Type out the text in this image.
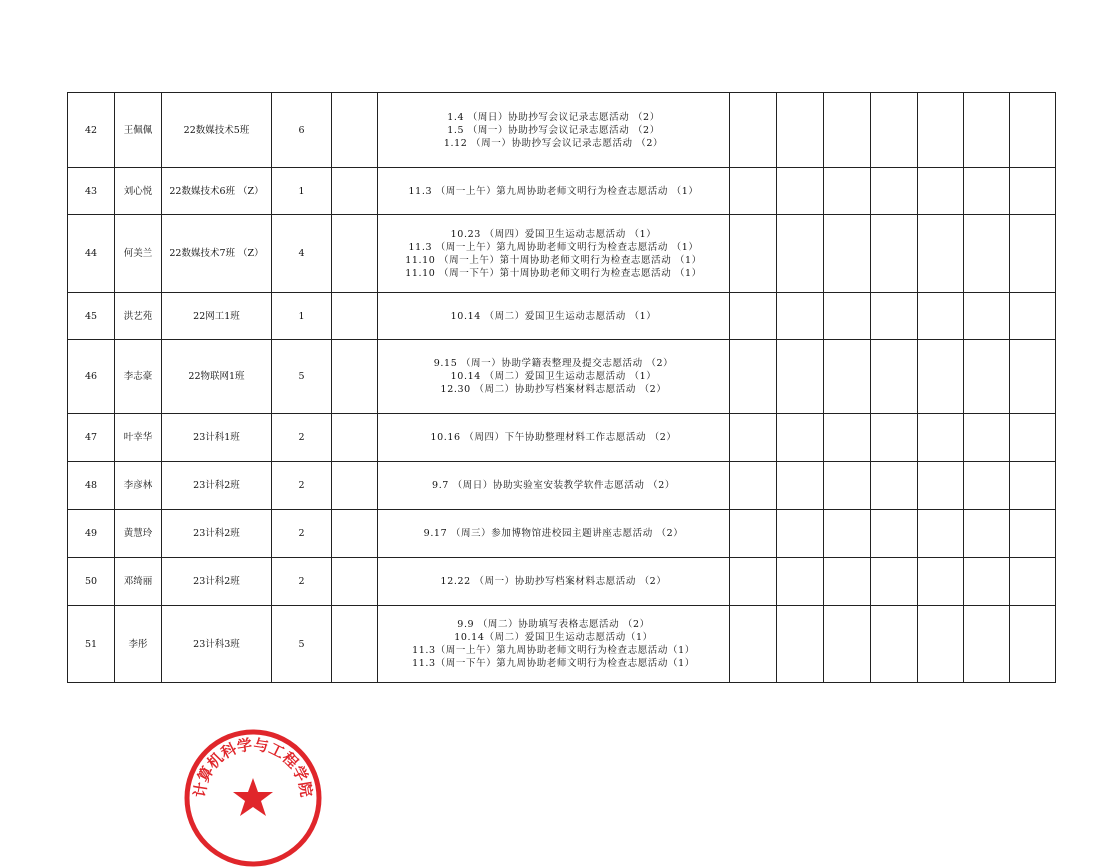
42	王佩佩	22数媒技术5班	6		1.4 （周日）协助抄写会议记录志愿活动 （2）
1.5 （周一）协助抄写会议记录志愿活动 （2）
1.12 （周一）协助抄写会议记录志愿活动 （2）							

43	刘心悦	22数媒技术6班 （Z）	1		11.3 （周一上午）第九周协助老师文明行为检查志愿活动 （1）							

44	何美兰	22数媒技术7班 （Z）	4		10.23 （周四）爱国卫生运动志愿活动 （1）
11.3 （周一上午）第九周协助老师文明行为检查志愿活动 （1）
11.10 （周一上午）第十周协助老师文明行为检查志愿活动 （1）
11.10 （周一下午）第十周协助老师文明行为检查志愿活动 （1）							

45	洪艺苑	22网工1班	1		10.14 （周二）爱国卫生运动志愿活动 （1）							

46	李志豪	22物联网1班	5		9.15 （周一）协助学籍表整理及提交志愿活动 （2）
10.14 （周二）爱国卫生运动志愿活动 （1）
12.30 （周二）协助抄写档案材料志愿活动 （2）							

47	叶幸华	23计科1班	2		10.16 （周四）下午协助整理材料工作志愿活动 （2）							

48	李彦林	23计科2班	2		9.7 （周日）协助实验室安装教学软件志愿活动 （2）							

49	黄慧玲	23计科2班	2		9.17 （周三）参加博物馆进校园主题讲座志愿活动 （2）							

50	邓绮丽	23计科2班	2		12.22 （周一）协助抄写档案材料志愿活动 （2）							

51	李彤	23计科3班	5		9.9 （周二）协助填写表格志愿活动 （2）
10.14（周二）爱国卫生运动志愿活动（1）
11.3（周一上午）第九周协助老师文明行为检查志愿活动（1）
11.3（周一下午）第九周协助老师文明行为检查志愿活动（1）							

计算机科学与工程学院
